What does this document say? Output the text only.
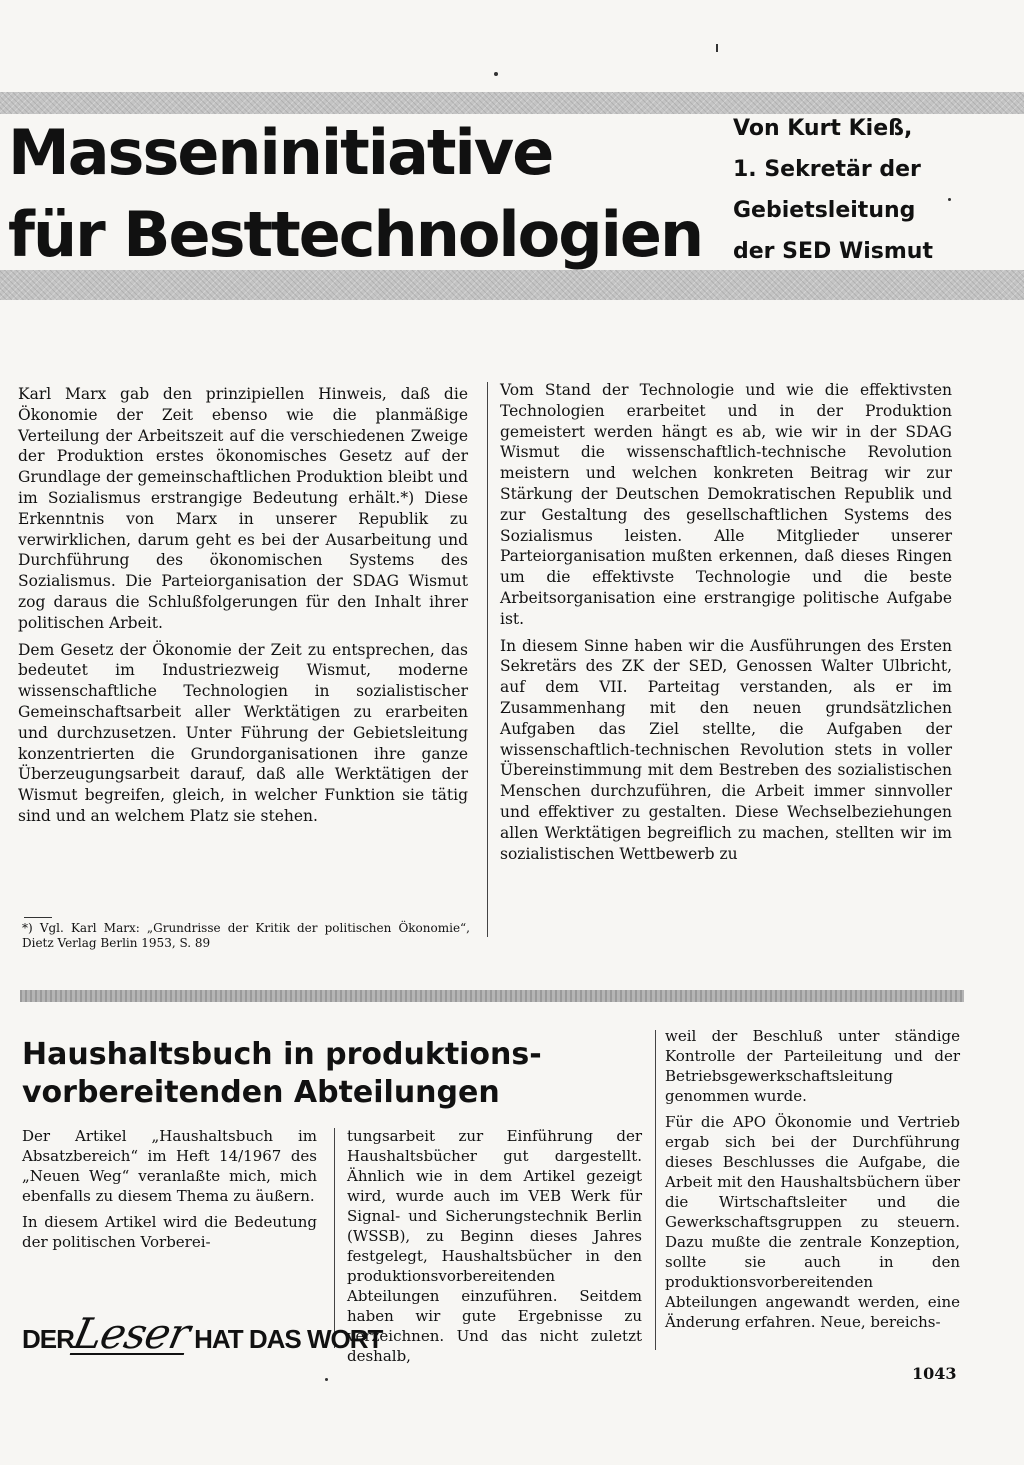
Masseninitiative
für Besttechnologien
Von Kurt Kieß,
1. Sekretär der
Gebietsleitung
der SED Wismut

Karl Marx gab den prinzipiellen Hinweis, daß die Ökonomie der Zeit ebenso wie die planmäßige Verteilung der Arbeitszeit auf die verschiedenen Zweige der Produktion erstes ökonomisches Gesetz auf der Grundlage der gemeinschaftlichen Produktion bleibt und im Sozialismus erstrangige Bedeutung erhält.*) Diese Erkenntnis von Marx in unserer Republik zu verwirklichen, darum geht es bei der Ausarbeitung und Durchführung des ökonomischen Systems des Sozialismus. Die Parteiorganisation der SDAG Wismut zog daraus die Schlußfolgerungen für den Inhalt ihrer politischen Arbeit.

Dem Gesetz der Ökonomie der Zeit zu entsprechen, das bedeutet im Industriezweig Wismut, moderne wissenschaftliche Technologien in sozialistischer Gemeinschaftsarbeit aller Werktätigen zu erarbeiten und durchzusetzen. Unter Führung der Gebietsleitung konzentrierten die Grundorganisationen ihre ganze Überzeugungsarbeit darauf, daß alle Werktätigen der Wismut begreifen, gleich, in welcher Funktion sie tätig sind und an welchem Platz sie stehen.

Vom Stand der Technologie und wie die effektivsten Technologien erarbeitet und in der Produktion gemeistert werden hängt es ab, wie wir in der SDAG Wismut die wissenschaftlich-technische Revolution meistern und welchen konkreten Beitrag wir zur Stärkung der Deutschen Demokratischen Republik und zur Gestaltung des gesellschaftlichen Systems des Sozialismus leisten. Alle Mitglieder unserer Parteiorganisation mußten erkennen, daß dieses Ringen um die effektivste Technologie und die beste Arbeitsorganisation eine erstrangige politische Aufgabe ist.

In diesem Sinne haben wir die Ausführungen des Ersten Sekretärs des ZK der SED, Genossen Walter Ulbricht, auf dem VII. Parteitag verstanden, als er im Zusammenhang mit den neuen grundsätzlichen Aufgaben das Ziel stellte, die Aufgaben der wissenschaftlich-technischen Revolution stets in voller Übereinstimmung mit dem Bestreben des sozialistischen Menschen durchzuführen, die Arbeit immer sinnvoller und effektiver zu gestalten. Diese Wechselbeziehungen allen Werktätigen begreiflich zu machen, stellten wir im sozialistischen Wettbewerb zu

*) Vgl. Karl Marx: „Grundrisse der Kritik der politischen Ökonomie“, Dietz Verlag Berlin 1953, S. 89
Haushaltsbuch in produktions-
vorbereitenden Abteilungen

Der Artikel „Haushaltsbuch im Absatzbereich“ im Heft 14/1967 des „Neuen Weg“ veranlaßte mich, mich ebenfalls zu diesem Thema zu äußern.

In diesem Artikel wird die Bedeutung der politischen Vorberei-

tungsarbeit zur Einführung der Haushaltsbücher gut dargestellt. Ähnlich wie in dem Artikel gezeigt wird, wurde auch im VEB Werk für Signal- und Sicherungstechnik Berlin (WSSB), zu Beginn dieses Jahres festgelegt, Haushaltsbücher in den produktionsvorbereitenden Abteilungen einzuführen. Seitdem haben wir gute Ergebnisse zu verzeichnen. Und das nicht zuletzt deshalb,

weil der Beschluß unter ständige Kontrolle der Parteileitung und der Betriebsgewerkschaftsleitung genommen wurde.

Für die APO Ökonomie und Vertrieb ergab sich bei der Durchführung dieses Beschlusses die Aufgabe, die Arbeit mit den Haushaltsbüchern über die Wirtschaftsleiter und die Gewerkschaftsgruppen zu steuern. Dazu mußte die zentrale Konzeption, sollte sie auch in den produktionsvorbereitenden Abteilungen angewandt werden, eine Änderung erfahren. Neue, bereichs-

DER
Leser HAT DAS WORT
1043
